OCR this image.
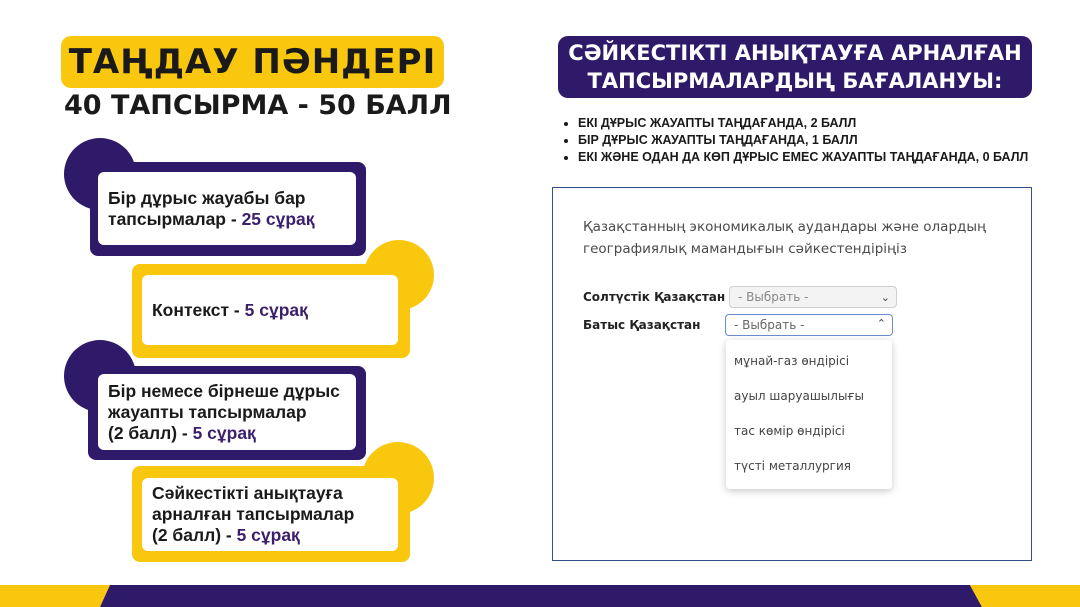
ТАҢДАУ ПӘНДЕРІ
40 ТАПСЫРМА - 50 БАЛЛ
Бір дұрыс жауабы бар
тапсырмалар - 25 сұрақ
Контекст - 5 сұрақ
Бір немесе бірнеше дұрыс
жауапты тапсырмалар
(2 балл) - 5 сұрақ
Сәйкестікті анықтауға
арналған тапсырмалар
(2 балл) - 5 сұрақ
СӘЙКЕСТІКТІ АНЫҚТАУҒА АРНАЛҒАН
ТАПСЫРМАЛАРДЫҢ БАҒАЛАНУЫ:
• ЕКІ ДҰРЫС ЖАУАПТЫ ТАҢДАҒАНДА, 2 БАЛЛ
• БІР ДҰРЫС ЖАУАПТЫ ТАҢДАҒАНДА, 1 БАЛЛ
• ЕКІ ЖӘНЕ ОДАН ДА КӨП ДҰРЫС ЕМЕС ЖАУАПТЫ ТАҢДАҒАНДА, 0 БАЛЛ
Қазақстанның экономикалық аудандары және олардың географиялық мамандығын сәйкестендіріңіз
Солтүстік Қазақстан - Выбрать -	⌄
Батыс Қазақстан	- Выбрать -	⌃
мұнай-газ өндірісі
ауыл шаруашылығы
тас көмір өндірісі
түсті металлургия
